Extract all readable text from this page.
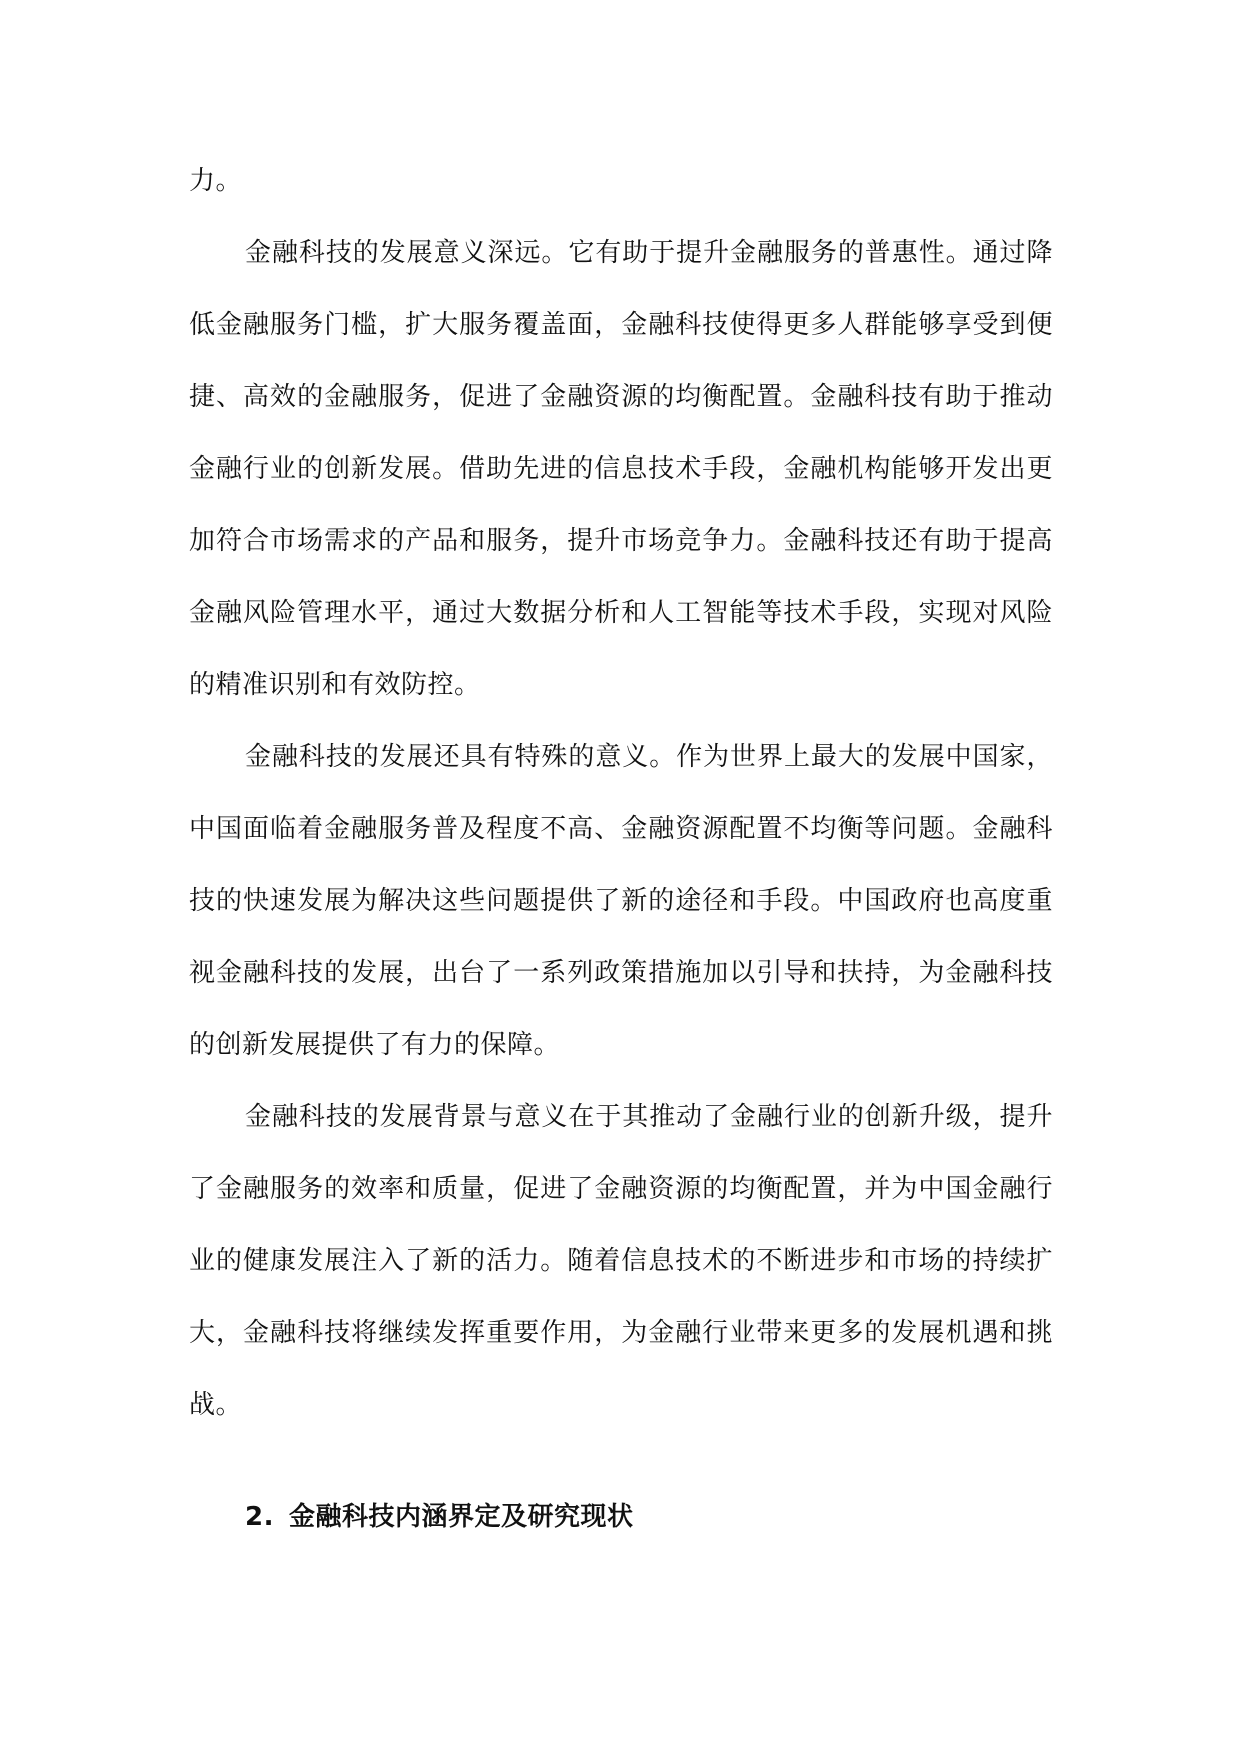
力。

金融科技的发展意义深远。它有助于提升金融服务的普惠性。通过降低金融服务门槛，扩大服务覆盖面，金融科技使得更多人群能够享受到便捷、高效的金融服务，促进了金融资源的均衡配置。金融科技有助于推动金融行业的创新发展。借助先进的信息技术手段，金融机构能够开发出更加符合市场需求的产品和服务，提升市场竞争力。金融科技还有助于提高金融风险管理水平，通过大数据分析和人工智能等技术手段，实现对风险的精准识别和有效防控。

金融科技的发展还具有特殊的意义。作为世界上最大的发展中国家，中国面临着金融服务普及程度不高、金融资源配置不均衡等问题。金融科技的快速发展为解决这些问题提供了新的途径和手段。中国政府也高度重视金融科技的发展，出台了一系列政策措施加以引导和扶持，为金融科技的创新发展提供了有力的保障。

金融科技的发展背景与意义在于其推动了金融行业的创新升级，提升了金融服务的效率和质量，促进了金融资源的均衡配置，并为中国金融行业的健康发展注入了新的活力。随着信息技术的不断进步和市场的持续扩大，金融科技将继续发挥重要作用，为金融行业带来更多的发展机遇和挑战。

2. 金融科技内涵界定及研究现状
